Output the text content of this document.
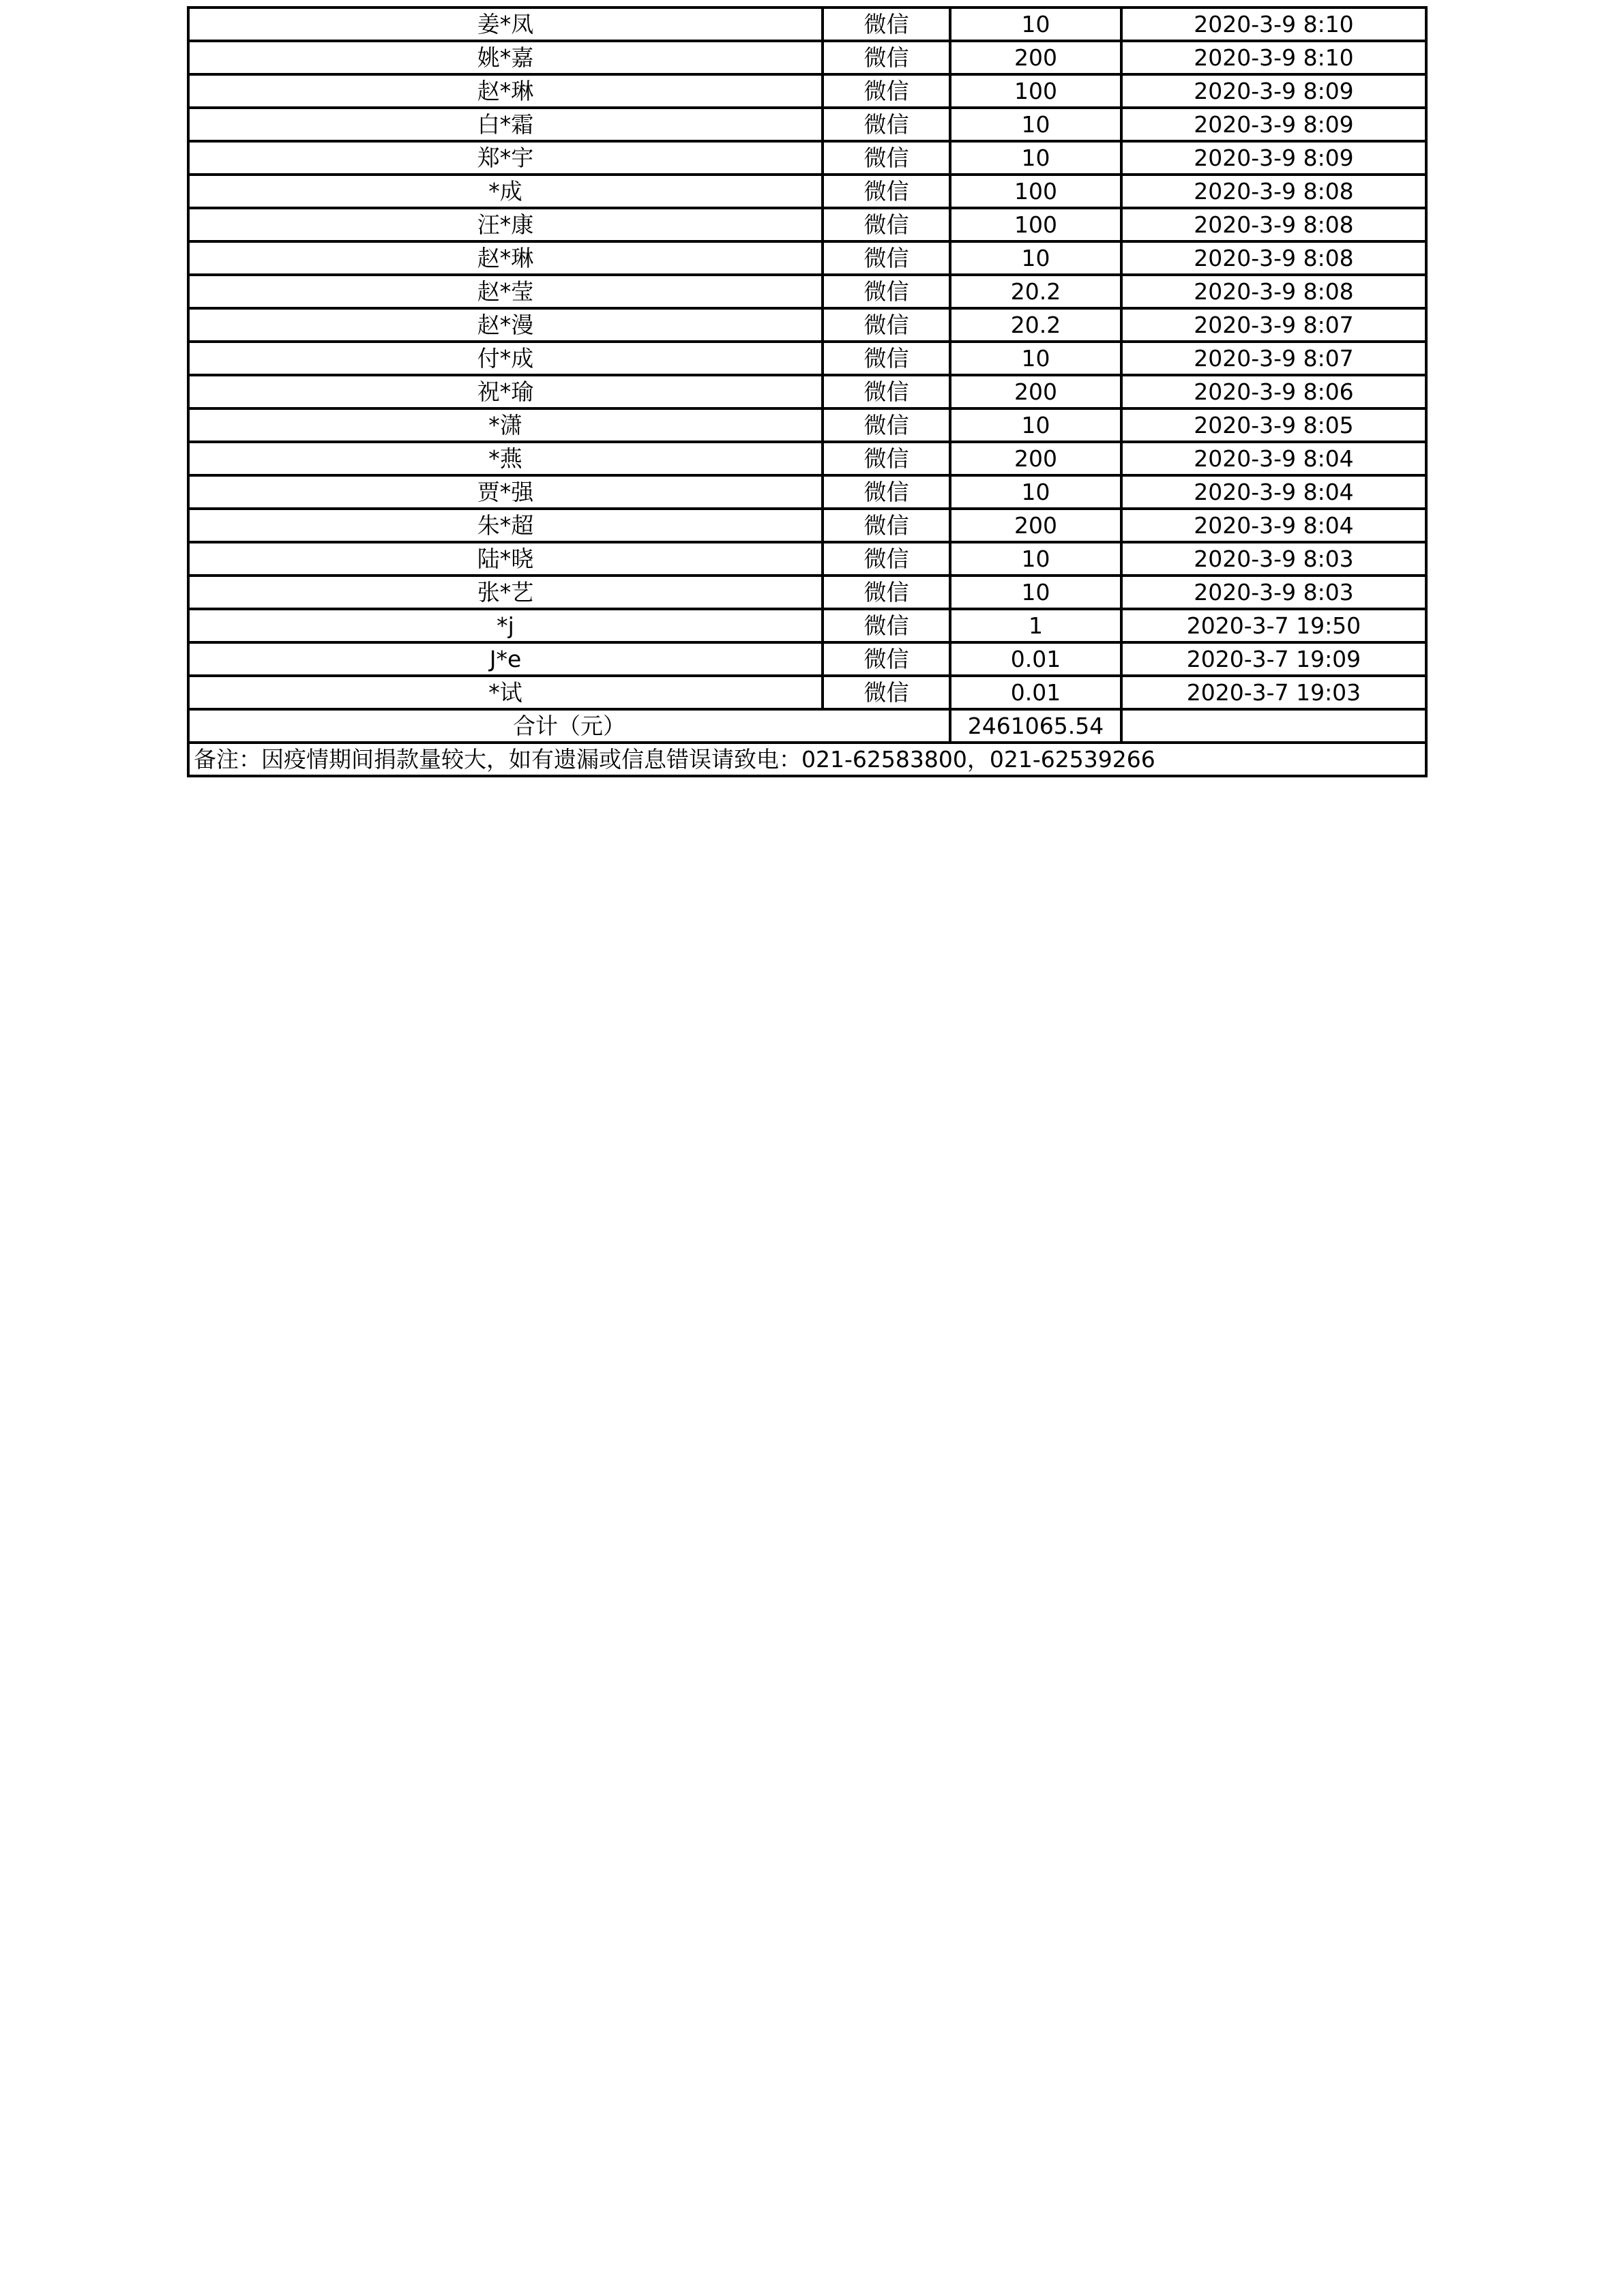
姜*凤	微信	10	2020-3-9 8:10
姚*嘉	微信	200	2020-3-9 8:10
赵*琳	微信	100	2020-3-9 8:09
白*霜	微信	10	2020-3-9 8:09
郑*宇	微信	10	2020-3-9 8:09
*成	微信	100	2020-3-9 8:08
汪*康	微信	100	2020-3-9 8:08
赵*琳	微信	10	2020-3-9 8:08
赵*莹	微信	20.2	2020-3-9 8:08
赵*漫	微信	20.2	2020-3-9 8:07
付*成	微信	10	2020-3-9 8:07
祝*瑜	微信	200	2020-3-9 8:06
*潇	微信	10	2020-3-9 8:05
*燕	微信	200	2020-3-9 8:04
贾*强	微信	10	2020-3-9 8:04
朱*超	微信	200	2020-3-9 8:04
陆*晓	微信	10	2020-3-9 8:03
张*艺	微信	10	2020-3-9 8:03
*j	微信	1	2020-3-7 19:50
J*e	微信	0.01	2020-3-7 19:09
*试	微信	0.01	2020-3-7 19:03
合计（元）		2461065.54	
备注：因疫情期间捐款量较大，如有遗漏或信息错误请致电：021-62583800，021-62539266			
